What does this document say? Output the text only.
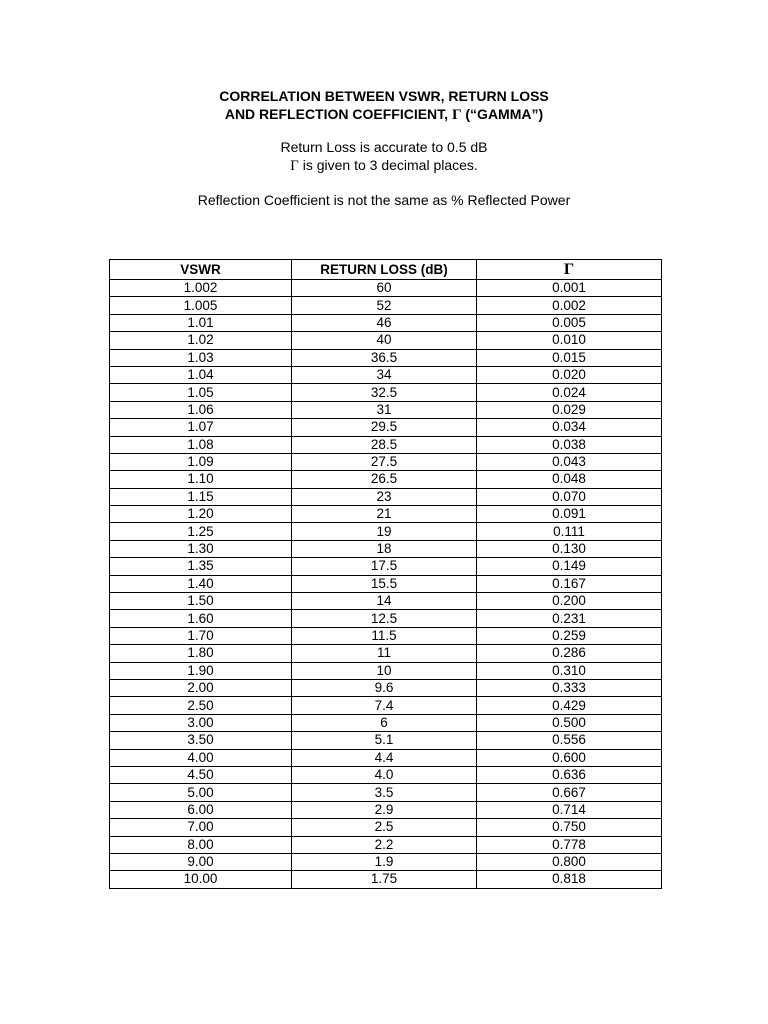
CORRELATION BETWEEN VSWR, RETURN LOSS
AND REFLECTION COEFFICIENT, Γ (“GAMMA”)
Return Loss is accurate to 0.5 dB
Γ is given to 3 decimal places.
Reflection Coefficient is not the same as % Reflected Power
VSWR	RETURN LOSS (dB)	Γ
1.002	60	0.001
1.005	52	0.002
1.01	46	0.005
1.02	40	0.010
1.03	36.5	0.015
1.04	34	0.020
1.05	32.5	0.024
1.06	31	0.029
1.07	29.5	0.034
1.08	28.5	0.038
1.09	27.5	0.043
1.10	26.5	0.048
1.15	23	0.070
1.20	21	0.091
1.25	19	0.111
1.30	18	0.130
1.35	17.5	0.149
1.40	15.5	0.167
1.50	14	0.200
1.60	12.5	0.231
1.70	11.5	0.259
1.80	11	0.286
1.90	10	0.310
2.00	9.6	0.333
2.50	7.4	0.429
3.00	6	0.500
3.50	5.1	0.556
4.00	4.4	0.600
4.50	4.0	0.636
5.00	3.5	0.667
6.00	2.9	0.714
7.00	2.5	0.750
8.00	2.2	0.778
9.00	1.9	0.800
10.00	1.75	0.818
